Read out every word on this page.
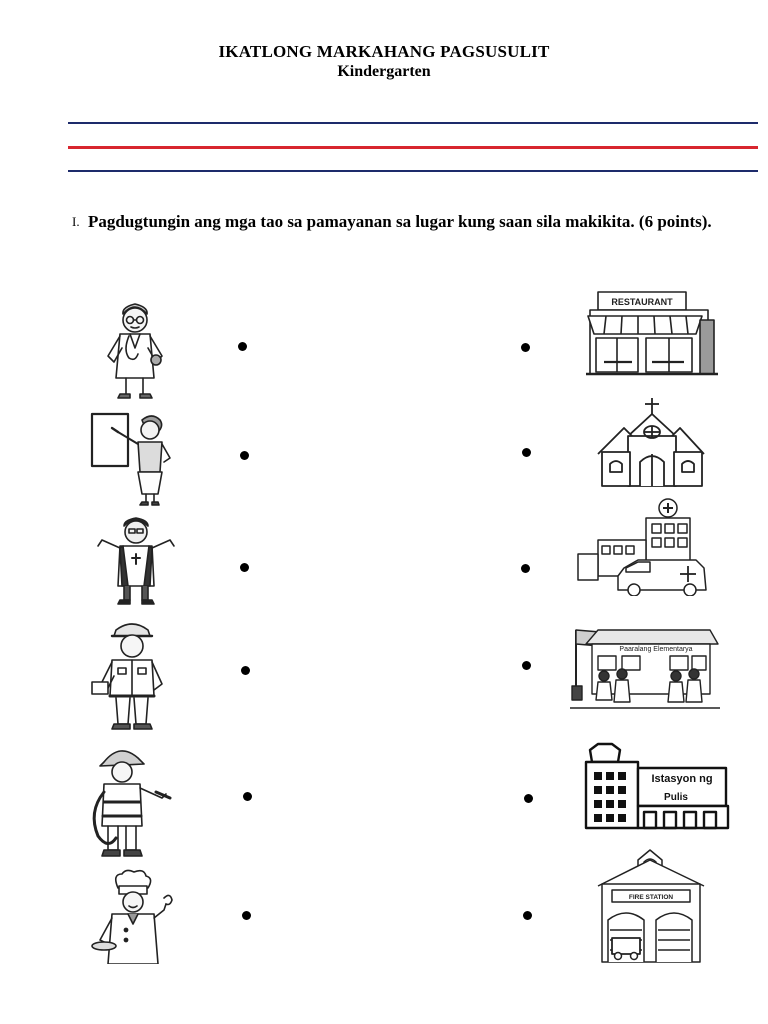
IKATLONG MARKAHANG PAGSUSULIT
Kindergarten
I. Pagdugtungin ang mga tao sa pamayanan sa lugar kung saan sila makikita. (6 points).
RESTAURANT
Paaralang Elementarya
Istasyon ng
Pulis
FIRE STATION
